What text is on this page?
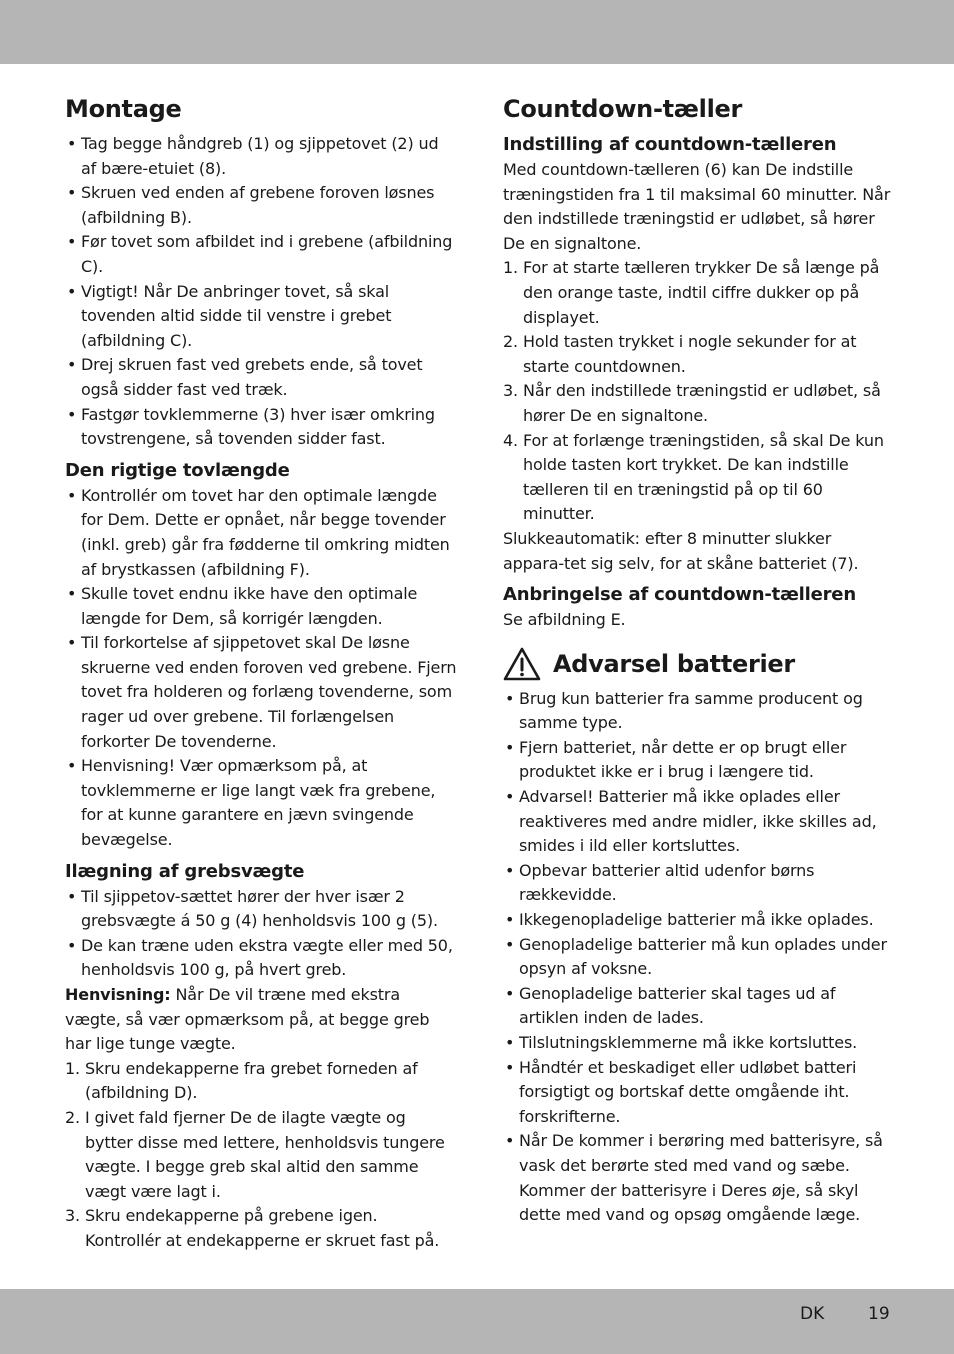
Montage
• Tag begge håndgreb (1) og sjippetovet (2) ud af bære-etuiet (8).
• Skruen ved enden af grebene foroven løsnes (afbildning B).
• Før tovet som afbildet ind i grebene (afbildning C).
• Vigtigt! Når De anbringer tovet, så skal tovenden altid sidde til venstre i grebet (afbildning C).
• Drej skruen fast ved grebets ende, så tovet også sidder fast ved træk.
• Fastgør tovklemmerne (3) hver især omkring tovstrengene, så tovenden sidder fast.
Den rigtige tovlængde
• Kontrollér om tovet har den optimale længde for Dem. Dette er opnået, når begge tovender (inkl. greb) går fra fødderne til omkring midten af brystkassen (afbildning F).
• Skulle tovet endnu ikke have den optimale længde for Dem, så korrigér længden.
• Til forkortelse af sjippetovet skal De løsne skruerne ved enden foroven ved grebene. Fjern tovet fra holderen og forlæng tovenderne, som rager ud over grebene. Til forlængelsen forkorter De tovenderne.
• Henvisning! Vær opmærksom på, at tovklemmerne er lige langt væk fra grebene, for at kunne garantere en jævn svingende bevægelse.
Ilægning af grebsvægte
• Til sjippetov-sættet hører der hver især 2 grebsvægte á 50 g (4) henholdsvis 100 g (5).
• De kan træne uden ekstra vægte eller med 50, henholdsvis 100 g, på hvert greb.

Henvisning: Når De vil træne med ekstra vægte, så vær opmærksom på, at begge greb har lige tunge vægte.

1. Skru endekapperne fra grebet forneden af (afbildning D).

2. I givet fald fjerner De de ilagte vægte og bytter disse med lettere, henholdsvis tungere vægte. I begge greb skal altid den samme vægt være lagt i.

3. Skru endekapperne på grebene igen. Kontrollér at endekapperne er skruet fast på.

Countdown-tæller
Indstilling af countdown-tælleren

Med countdown-tælleren (6) kan De indstille træningstiden fra 1 til maksimal 60 minutter. Når den indstillede træningstid er udløbet, så hører De en signaltone.

1. For at starte tælleren trykker De så længe på den orange taste, indtil ciffre dukker op på displayet.

2. Hold tasten trykket i nogle sekunder for at starte countdownen.

3. Når den indstillede træningstid er udløbet, så hører De en signaltone.

4. For at forlænge træningstiden, så skal De kun holde tasten kort trykket. De kan indstille tælleren til en træningstid på op til 60 minutter.

Slukkeautomatik: efter 8 minutter slukker appara-tet sig selv, for at skåne batteriet (7).

Anbringelse af countdown-tælleren

Se afbildning E.

Advarsel batterier
• Brug kun batterier fra samme producent og samme type.
• Fjern batteriet, når dette er op brugt eller produktet ikke er i brug i længere tid.
• Advarsel! Batterier må ikke oplades eller reaktiveres med andre midler, ikke skilles ad, smides i ild eller kortsluttes.
• Opbevar batterier altid udenfor børns rækkevidde.
• Ikkegenopladelige batterier må ikke oplades.
• Genopladelige batterier må kun oplades under opsyn af voksne.
• Genopladelige batterier skal tages ud af artiklen inden de lades.
• Tilslutningsklemmerne må ikke kortsluttes.
• Håndtér et beskadiget eller udløbet batteri forsigtigt og bortskaf dette omgående iht. forskrifterne.
• Når De kommer i berøring med batterisyre, så vask det berørte sted med vand og sæbe. Kommer der batterisyre i Deres øje, så skyl dette med vand og opsøg omgående læge.
DK	19
